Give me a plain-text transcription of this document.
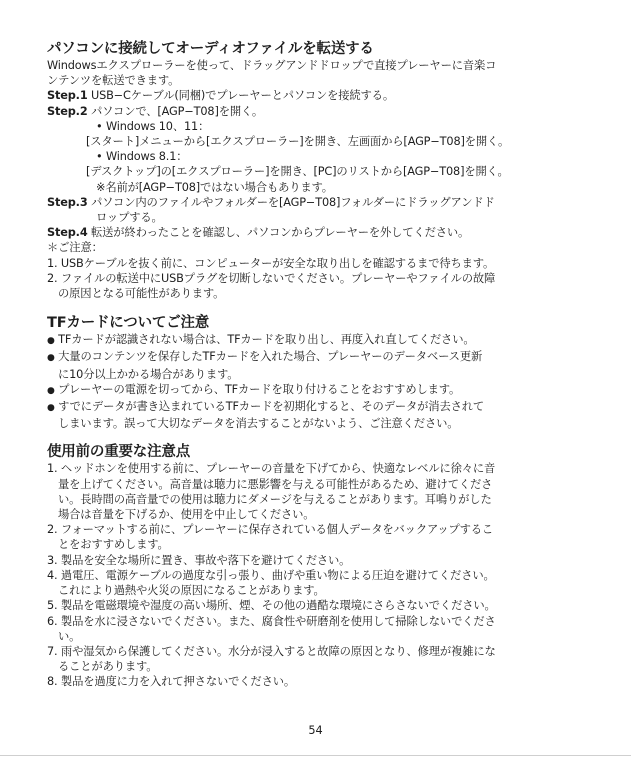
パソコンに接続してオーディオファイルを転送する
Windowsエクスプローラーを使って、ドラッグアンドドロップで直接プレーヤーに音楽コ
ンテンツを転送できます。
Step.1 USB−Cケーブル(同梱)でプレーヤーとパソコンを接続する。
Step.2 パソコンで、[AGP−T08]を開く。
• Windows 10、11：
[スタート]メニューから[エクスプローラー]を開き、左画面から[AGP−T08]を開く。
• Windows 8.1：
[デスクトップ]の[エクスプローラー]を開き、[PC]のリストから[AGP−T08]を開く。
※名前が[AGP−T08]ではない場合もあります。
Step.3 パソコン内のファイルやフォルダーを[AGP−T08]フォルダーにドラッグアンドド
ロップする。
Step.4 転送が終わったことを確認し、パソコンからプレーヤーを外してください。
＊ご注意：
1. USBケーブルを抜く前に、コンピューターが安全な取り出しを確認するまで待ちます。
2. ファイルの転送中にUSBプラグを切断しないでください。プレーヤーやファイルの故障
の原因となる可能性があります。
TFカードについてご注意
● TFカードが認識されない場合は、TFカードを取り出し、再度入れ直してください。
● 大量のコンテンツを保存したTFカードを入れた場合、プレーヤーのデータベース更新
に10分以上かかる場合があります。
● プレーヤーの電源を切ってから、TFカードを取り付けることをおすすめします。
● すでにデータが書き込まれているTFカードを初期化すると、そのデータが消去されて
しまいます。誤って大切なデータを消去することがないよう、ご注意ください。
使用前の重要な注意点
1. ヘッドホンを使用する前に、プレーヤーの音量を下げてから、快適なレベルに徐々に音
量を上げてください。高音量は聴力に悪影響を与える可能性があるため、避けてくださ
い。長時間の高音量での使用は聴力にダメージを与えることがあります。耳鳴りがした
場合は音量を下げるか、使用を中止してください。
2. フォーマットする前に、プレーヤーに保存されている個人データをバックアップするこ
とをおすすめします。
3. 製品を安全な場所に置き、事故や落下を避けてください。
4. 過電圧、電源ケーブルの過度な引っ張り、曲げや重い物による圧迫を避けてください。
これにより過熱や火災の原因になることがあります。
5. 製品を電磁環境や湿度の高い場所、煙、その他の過酷な環境にさらさないでください。
6. 製品を水に浸さないでください。また、腐食性や研磨剤を使用して掃除しないでくださ
い。
7. 雨や湿気から保護してください。水分が浸入すると故障の原因となり、修理が複雑にな
ることがあります。
8. 製品を過度に力を入れて押さないでください。
54
